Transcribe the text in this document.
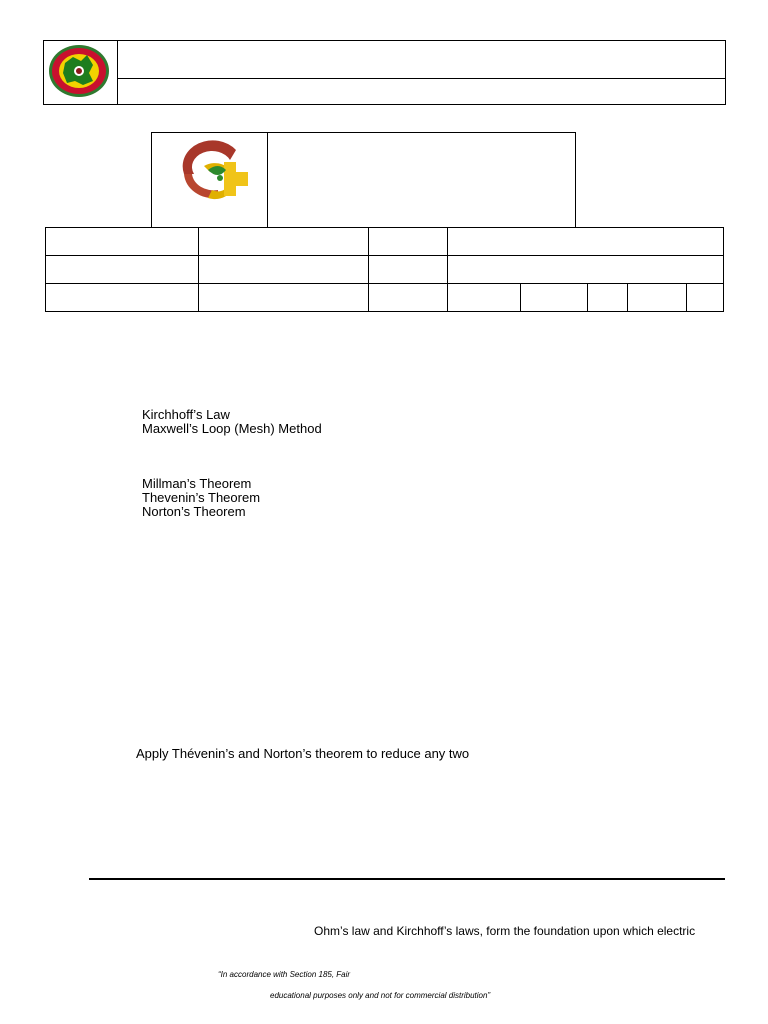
Kirchhoff’s Law
Maxwell’s Loop (Mesh) Method
Millman’s Theorem
Thevenin’s Theorem
Norton’s Theorem
Apply Thévenin’s and Norton’s theorem to reduce any two
Ohm’s law and Kirchhoff’s laws, form the foundation upon which electric
“In accordance with Section 185, Fair
educational purposes only and not for commercial distribution”
